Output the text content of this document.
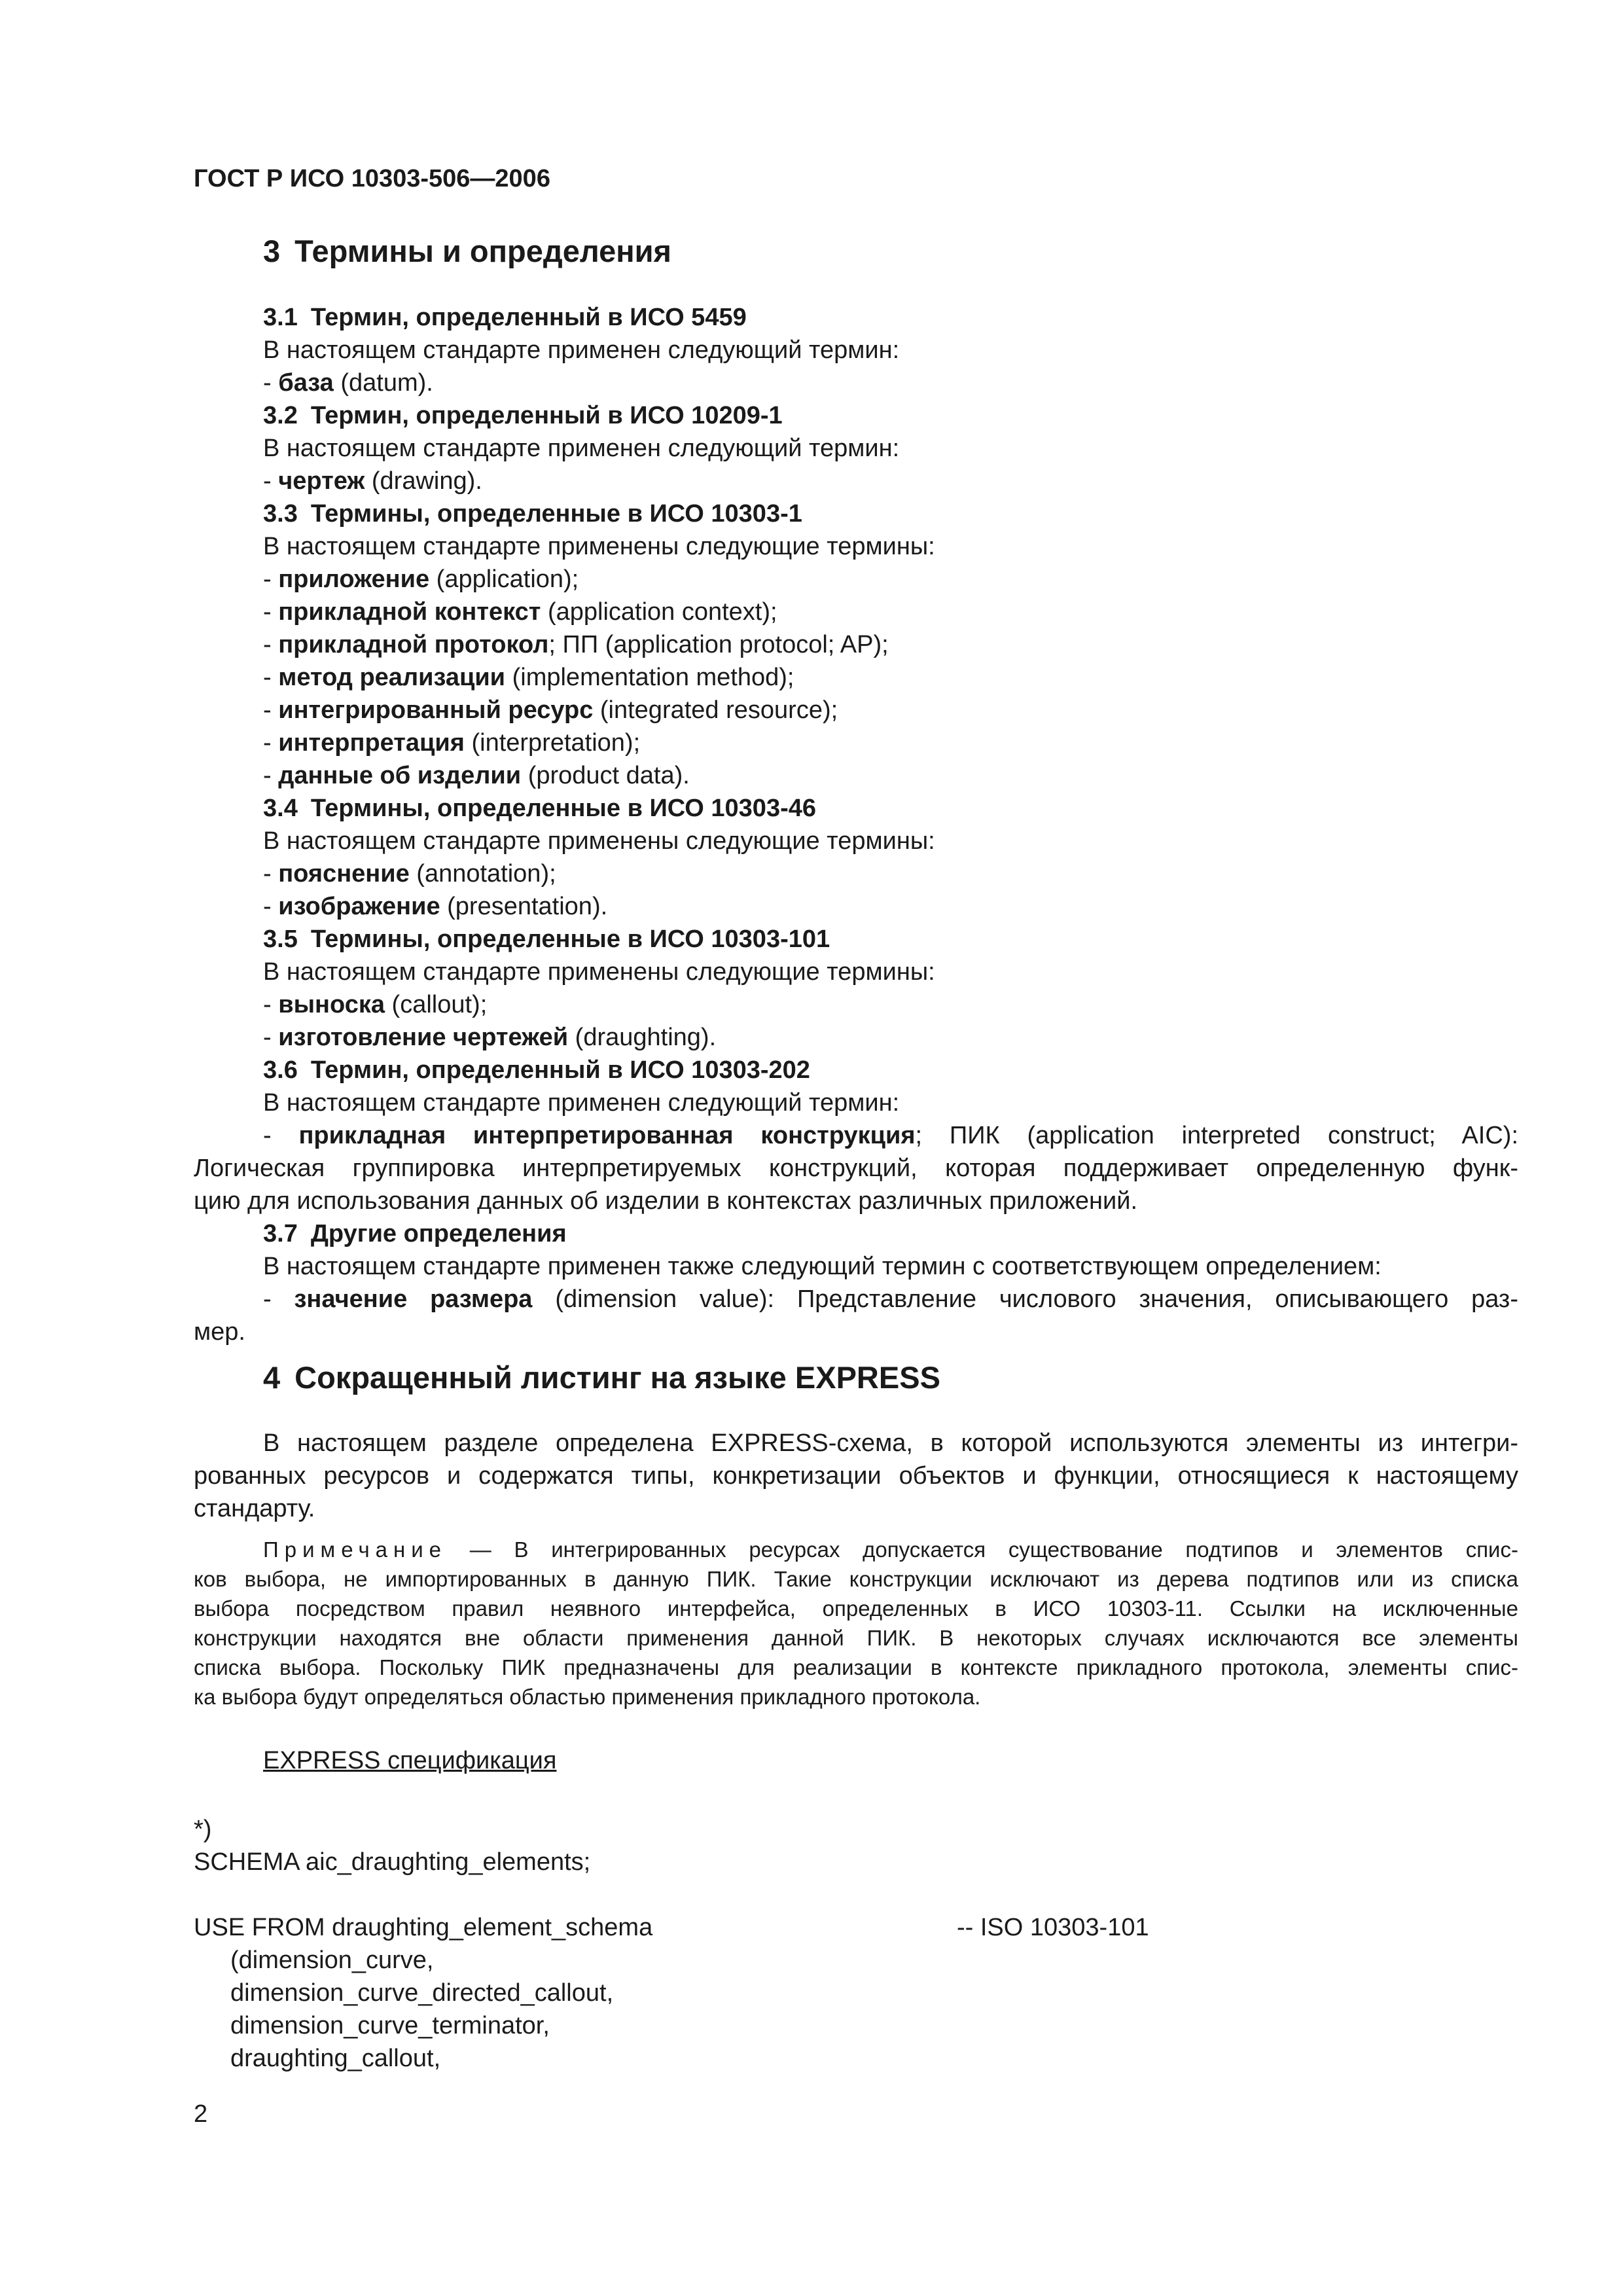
ГОСТ Р ИСО 10303-506—2006
3 Термины и определения
3.1 Термин, определенный в ИСО 5459
В настоящем стандарте применен следующий термин:
- база (datum).
3.2 Термин, определенный в ИСО 10209-1
В настоящем стандарте применен следующий термин:
- чертеж (drawing).
3.3 Термины, определенные в ИСО 10303-1
В настоящем стандарте применены следующие термины:
- приложение (application);
- прикладной контекст (application context);
- прикладной протокол; ПП (application protocol; AP);
- метод реализации (implementation method);
- интегрированный ресурс (integrated resource);
- интерпретация (interpretation);
- данные об изделии (product data).
3.4 Термины, определенные в ИСО 10303-46
В настоящем стандарте применены следующие термины:
- пояснение (annotation);
- изображение (presentation).
3.5 Термины, определенные в ИСО 10303-101
В настоящем стандарте применены следующие термины:
- выноска (callout);
- изготовление чертежей (draughting).
3.6 Термин, определенный в ИСО 10303-202
В настоящем стандарте применен следующий термин:
- прикладная интерпретированная конструкция; ПИК (application interpreted construct; AIC):
Логическая группировка интерпретируемых конструкций, которая поддерживает определенную функ-
цию для использования данных об изделии в контекстах различных приложений.
3.7 Другие определения
В настоящем стандарте применен также следующий термин с соответствующем определением:
- значение размера (dimension value): Представление числового значения, описывающего раз-
мер.
4 Сокращенный листинг на языке EXPRESS
В настоящем разделе определена EXPRESS-схема, в которой используются элементы из интегри-
рованных ресурсов и содержатся типы, конкретизации объектов и функции, относящиеся к настоящему
стандарту.
Примечание — В интегрированных ресурсах допускается существование подтипов и элементов спис-
ков выбора, не импортированных в данную ПИК. Такие конструкции исключают из дерева подтипов или из списка
выбора посредством правил неявного интерфейса, определенных в ИСО 10303-11. Ссылки на исключенные
конструкции находятся вне области применения данной ПИК. В некоторых случаях исключаются все элементы
списка выбора. Поскольку ПИК предназначены для реализации в контексте прикладного протокола, элементы спис-
ка выбора будут определяться областью применения прикладного протокола.
EXPRESS спецификация
*)
SCHEMA aic_draughting_elements;
USE FROM draughting_element_schema
(dimension_curve,
dimension_curve_directed_callout,
dimension_curve_terminator,
draughting_callout,
-- ISO 10303-101
2
